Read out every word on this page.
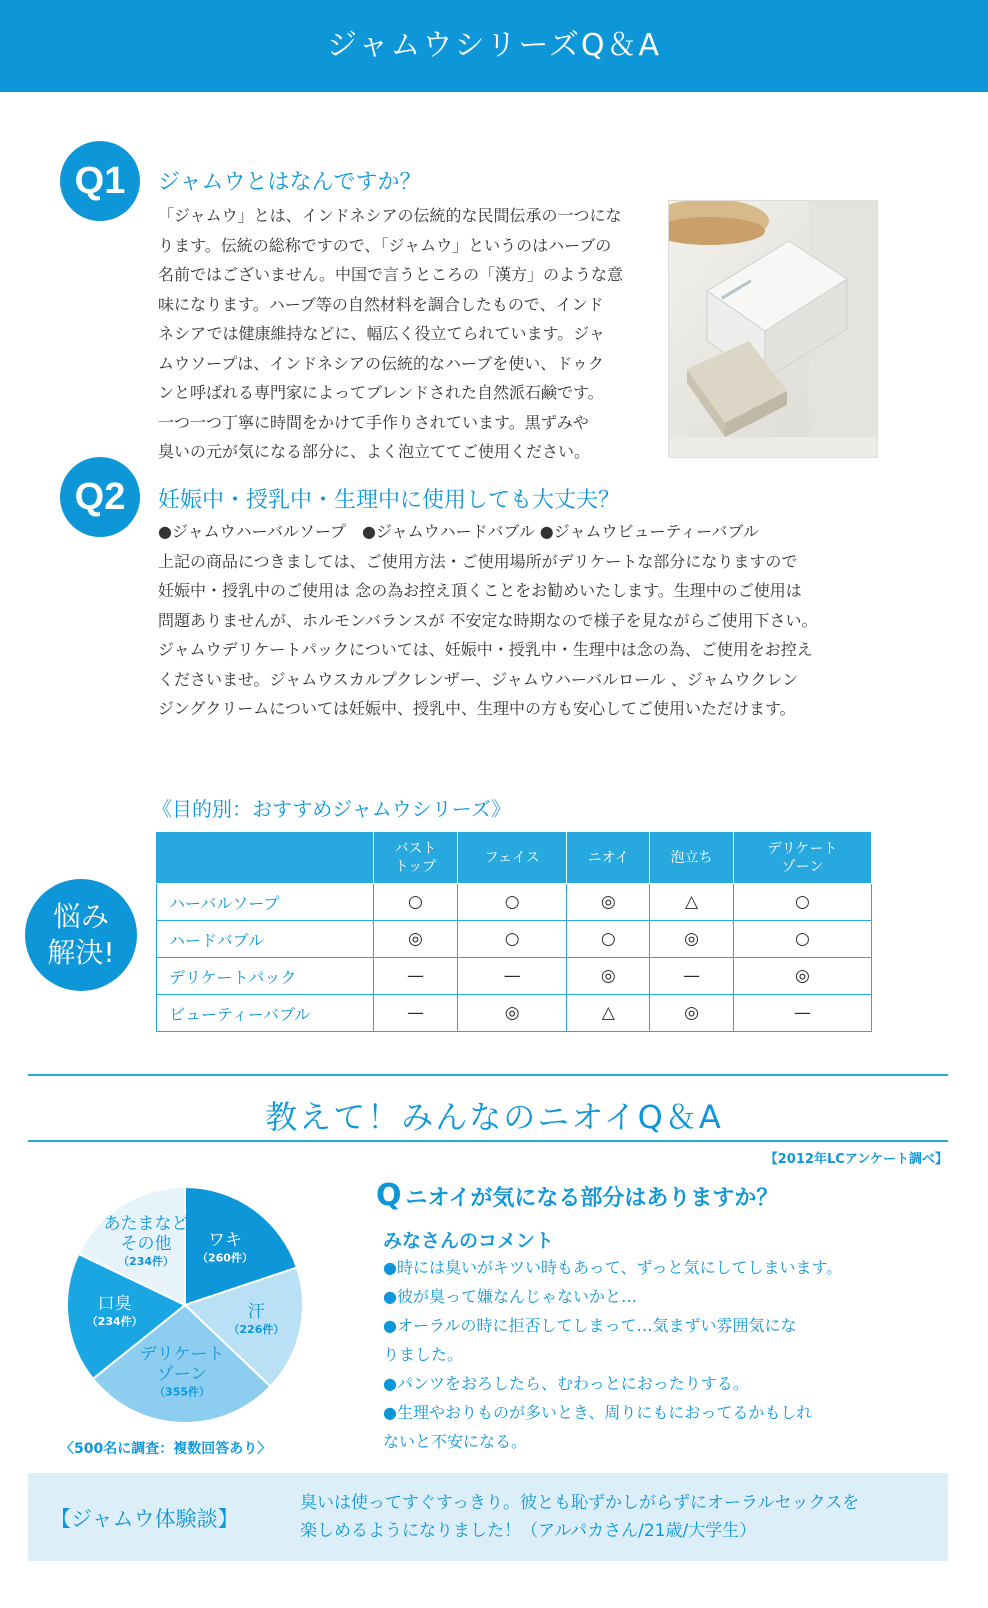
ジャムウシリーズQ＆A
Q1	ジャムウとはなんですか？

「ジャムウ」とは、インドネシアの伝統的な民間伝承の一つにな

ります。伝統の総称ですので、「ジャムウ」というのはハーブの

名前ではございません。中国で言うところの「漢方」のような意

味になります。ハーブ等の自然材料を調合したもので、インド

ネシアでは健康維持などに、幅広く役立てられています。ジャ

ムウソープは、インドネシアの伝統的なハーブを使い、ドゥク

ンと呼ばれる専門家によってブレンドされた自然派石鹸です。

一つ一つ丁寧に時間をかけて手作りされています。黒ずみや

臭いの元が気になる部分に、よく泡立ててご使用ください。

Q2	妊娠中・授乳中・生理中に使用しても大丈夫？

●ジャムウハーバルソープ　●ジャムウハードバブル ●ジャムウビューティーバブル

上記の商品につきましては、ご使用方法・ご使用場所がデリケートな部分になりますので

妊娠中・授乳中のご使用は 念の為お控え頂くことをお勧めいたします。生理中のご使用は

問題ありませんが、ホルモンバランスが 不安定な時期なので様子を見ながらご使用下さい。

ジャムウデリケートパックについては、妊娠中・授乳中・生理中は念の為、ご使用をお控え

くださいませ。ジャムウスカルプクレンザー、ジャムウハーバルロール 、ジャムウクレン

ジングクリームについては妊娠中、授乳中、生理中の方も安心してご使用いただけます。

《目的別：おすすめジャムウシリーズ》
悩み
解決!
	バスト
トップ	フェイス	ニオイ	泡立ち	デリケート
ゾーン
ハーバルソープ	○	○	◎	△	○
ハードバブル	◎	○	○	◎	○
デリケートパック	—	—	◎	—	◎
ビューティーバブル	—	◎	△	◎	—
教えて！みんなのニオイQ＆A
【2012年LCアンケート調べ】
ワキ
（260件）
汗
（226件）
デリケート
ゾーン
（355件）
口臭
（234件）
あたまなど
その他
（234件）
〈500名に調査：複数回答あり〉
Q ニオイが気になる部分はありますか？
みなさんのコメント
●時には臭いがキツい時もあって、ずっと気にしてしまいます。
●彼が臭って嫌なんじゃないかと…
●オーラルの時に拒否してしまって…気まずい雰囲気にな
りました。
●パンツをおろしたら、むわっとにおったりする。
●生理やおりものが多いとき、周りにもにおってるかもしれ
ないと不安になる。
【ジャムウ体験談】
臭いは使ってすぐすっきり。彼とも恥ずかしがらずにオーラルセックスを
楽しめるようになりました！（アルパカさん/21歳/大学生）
